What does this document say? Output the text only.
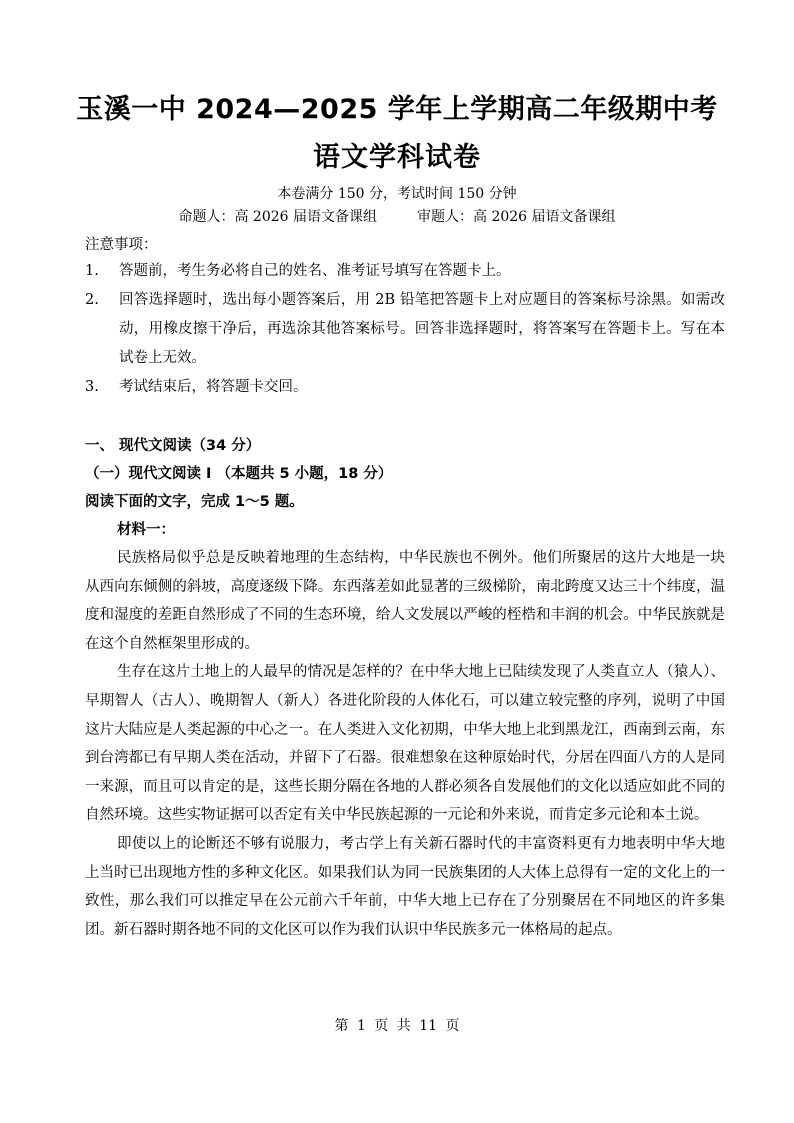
玉溪一中 2024—2025 学年上学期高二年级期中考
语文学科试卷
本卷满分 150 分，考试时间 150 分钟
命题人：高 2026 届语文备课组	审题人：高 2026 届语文备课组
注意事项：
1. 答题前，考生务必将自己的姓名、准考证号填写在答题卡上。
2. 回答选择题时，选出每小题答案后，用 2B 铅笔把答题卡上对应题目的答案标号涂黑。如需改动，用橡皮擦干净后，再选涂其他答案标号。回答非选择题时，将答案写在答题卡上。写在本试卷上无效。
3. 考试结束后，将答题卡交回。
一、 现代文阅读（34 分）
（一）现代文阅读 I （本题共 5 小题，18 分）
阅读下面的文字，完成 1～5 题。
材料一：

民族格局似乎总是反映着地理的生态结构，中华民族也不例外。他们所聚居的这片大地是一块从西向东倾侧的斜坡，高度逐级下降。东西落差如此显著的三级梯阶，南北跨度又达三十个纬度，温度和湿度的差距自然形成了不同的生态环境，给人文发展以严峻的桎梏和丰润的机会。中华民族就是在这个自然框架里形成的。

生存在这片土地上的人最早的情况是怎样的？在中华大地上已陆续发现了人类直立人（猿人）、早期智人（古人）、晚期智人（新人）各进化阶段的人体化石，可以建立较完整的序列，说明了中国这片大陆应是人类起源的中心之一。在人类进入文化初期，中华大地上北到黑龙江，西南到云南，东到台湾都已有早期人类在活动，并留下了石器。很难想象在这种原始时代，分居在四面八方的人是同一来源，而且可以肯定的是，这些长期分隔在各地的人群必须各自发展他们的文化以适应如此不同的自然环境。这些实物证据可以否定有关中华民族起源的一元论和外来说，而肯定多元论和本土说。

即使以上的论断还不够有说服力，考古学上有关新石器时代的丰富资料更有力地表明中华大地上当时已出现地方性的多种文化区。如果我们认为同一民族集团的人大体上总得有一定的文化上的一致性，那么我们可以推定早在公元前六千年前，中华大地上已存在了分别聚居在不同地区的许多集团。新石器时期各地不同的文化区可以作为我们认识中华民族多元一体格局的起点。

第 1 页 共 11 页
